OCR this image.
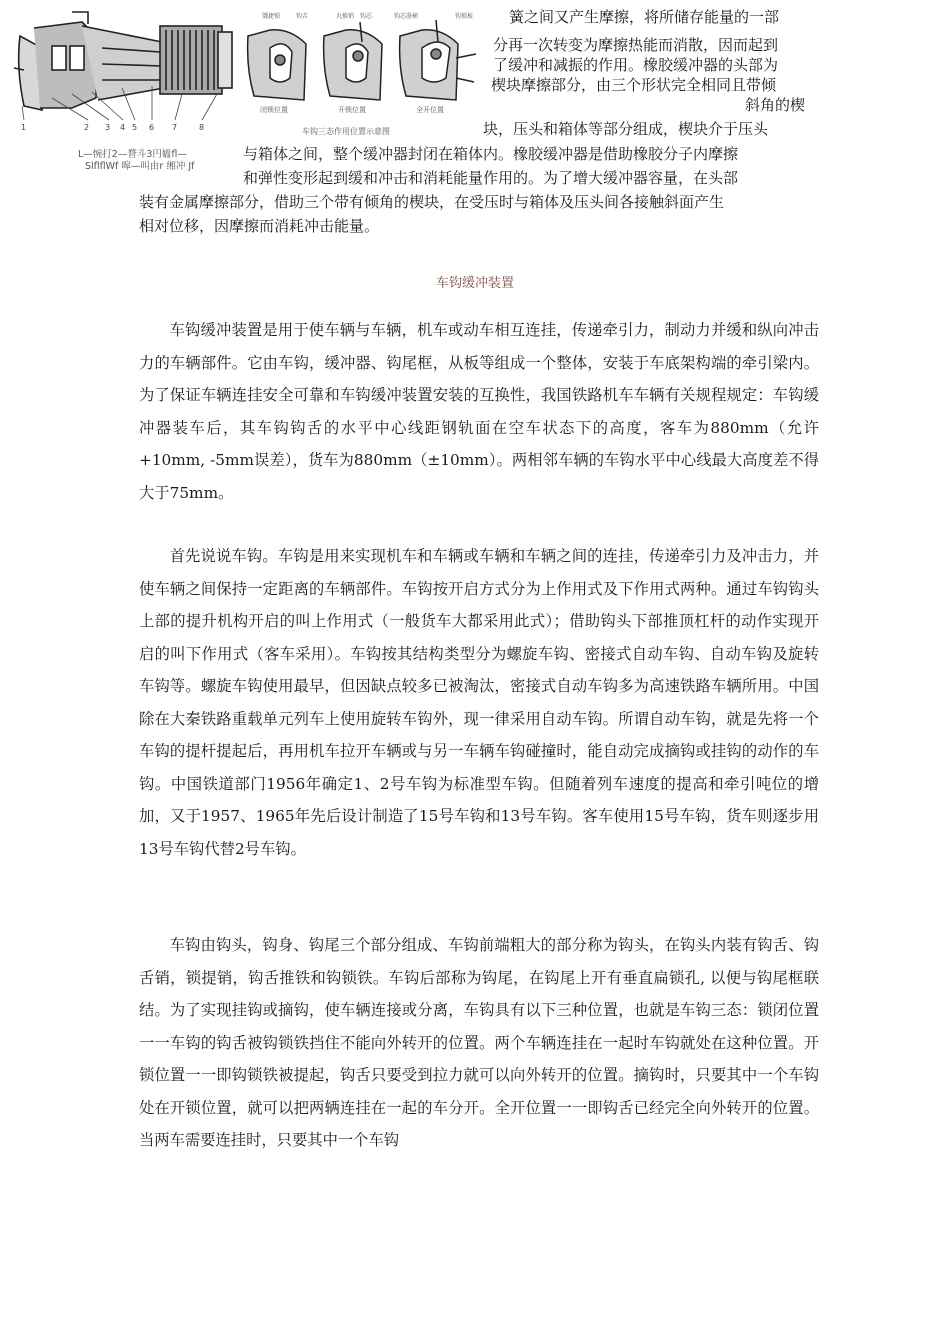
1	2 3 4 5 6 7	8
L—惋打2—瞀斗3円媼fl—
SlflflWf 嗥—叫由r 缃冲 Jf
饿捷锁	钩舌	丸推销 钩芯	钩芯凿横	钩锁板
闭锁位置	开锁位置	全开位置
车钩三态作用位置示意图
簧之间又产生摩擦，将所储存能量的一部
分再一次转变为摩擦热能而消散，因而起到
了缓冲和减振的作用。橡胶缓冲器的头部为
楔块摩擦部分，由三个形状完全相同且带倾
斜角的楔
块，压头和箱体等部分组成，楔块介于压头
与箱体之间，整个缓冲器封闭在箱体内。橡胶缓冲器是借助橡胶分子内摩擦
和弹性变形起到缓和冲击和消耗能量作用的。为了增大缓冲器容量，在头部
装有金属摩擦部分，借助三个带有倾角的楔块，在受压时与箱体及压头间各接触斜面产生
相对位移，因摩擦而消耗冲击能量。
车钩缓冲装置

车钩缓冲装置是用于使车辆与车辆，机车或动车相互连挂，传递牵引力，制动力并缓和纵向冲击力的车辆部件。它由车钩，缓冲器、钩尾框，从板等组成一个整体，安装于车底架构端的牵引梁内。为了保证车辆连挂安全可靠和车钩缓冲装置安装的互换性，我国铁路机车车辆有关规程规定：车钩缓冲器装车后，其车钩钩舌的水平中心线距钢轨面在空车状态下的高度，客车为880mm（允许+10mm, -5mm误差），货车为880mm（±10mm）。两相邻车辆的车钩水平中心线最大高度差不得大于75mm。

首先说说车钩。车钩是用来实现机车和车辆或车辆和车辆之间的连挂，传递牵引力及冲击力，并使车辆之间保持一定距离的车辆部件。车钩按开启方式分为上作用式及下作用式两种。通过车钩钩头上部的提升机构开启的叫上作用式（一般货车大都采用此式）；借助钩头下部推顶杠杆的动作实现开启的叫下作用式（客车采用）。车钩按其结构类型分为螺旋车钩、密接式自动车钩、自动车钩及旋转车钩等。螺旋车钩使用最早，但因缺点较多已被淘汰，密接式自动车钩多为高速铁路车辆所用。中国除在大秦铁路重载单元列车上使用旋转车钩外，现一律采用自动车钩。所谓自动车钩，就是先将一个车钩的提杆提起后，再用机车拉开车辆或与另一车辆车钩碰撞时，能自动完成摘钩或挂钩的动作的车钩。中国铁道部门1956年确定1、2号车钩为标准型车钩。但随着列车速度的提高和牵引吨位的增加，又于1957、1965年先后设计制造了15号车钩和13号车钩。客车使用15号车钩，货车则逐步用13号车钩代替2号车钩。

车钩由钩头，钩身、钩尾三个部分组成、车钩前端粗大的部分称为钩头，在钩头内装有钩舌、钩舌销，锁提销，钩舌推铁和钩锁铁。车钩后部称为钩尾，在钩尾上开有垂直扁锁孔, 以便与钩尾框联结。为了实现挂钩或摘钩，使车辆连接或分离，车钩具有以下三种位置，也就是车钩三态：锁闭位置一一车钩的钩舌被钩锁铁挡住不能向外转开的位置。两个车辆连挂在一起时车钩就处在这种位置。开锁位置一一即钩锁铁被提起，钩舌只要受到拉力就可以向外转开的位置。摘钩时，只要其中一个车钩处在开锁位置，就可以把两辆连挂在一起的车分开。全开位置一一即钩舌已经完全向外转开的位置。当两车需要连挂时，只要其中一个车钩
